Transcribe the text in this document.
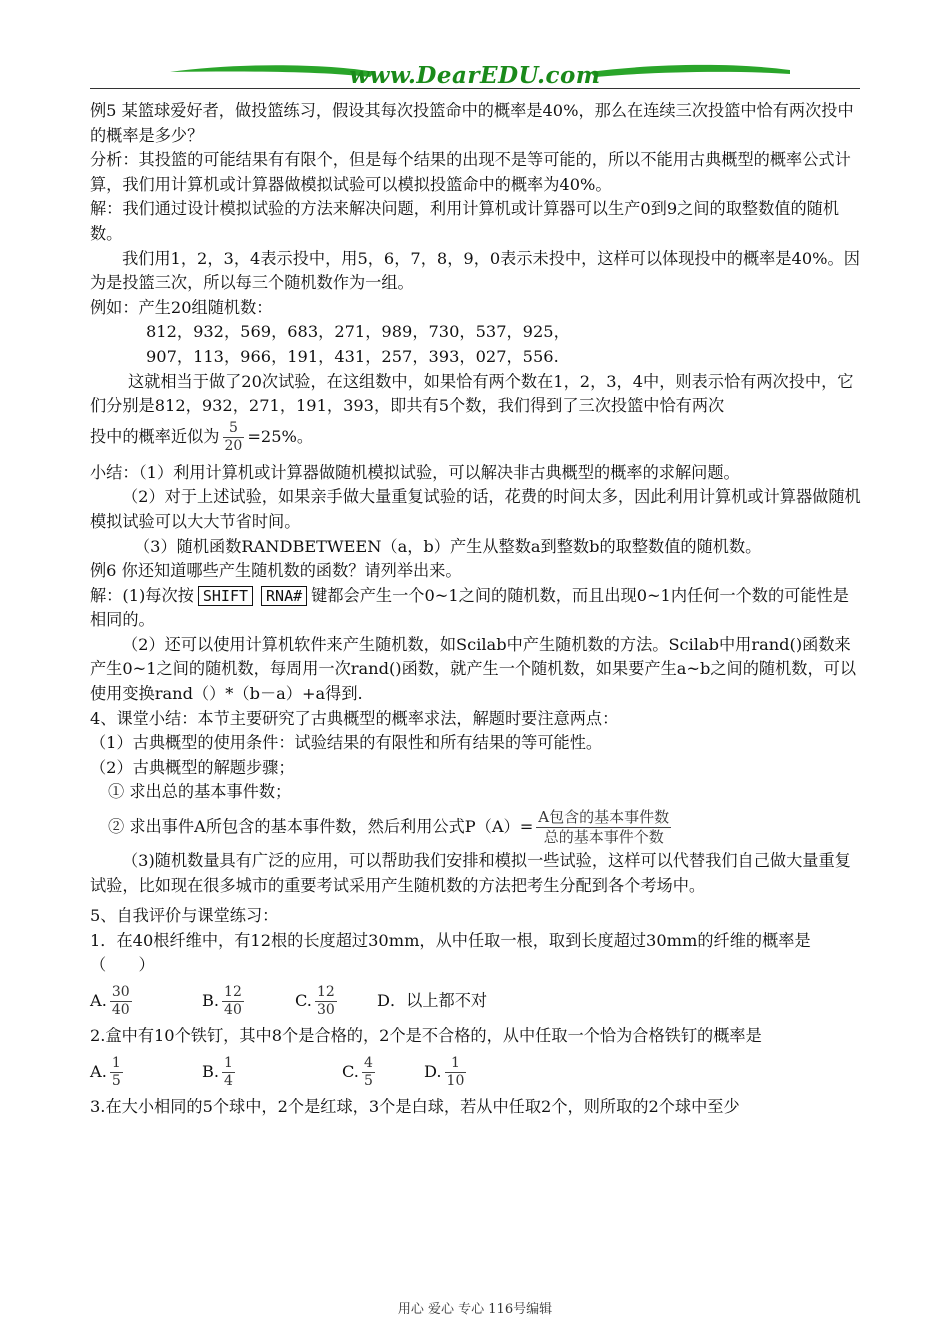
www.DearEDU.com

例5 某篮球爱好者，做投篮练习，假设其每次投篮命中的概率是40%，那么在连续三次投篮中恰有两次投中的概率是多少？

分析：其投篮的可能结果有有限个，但是每个结果的出现不是等可能的，所以不能用古典概型的概率公式计算，我们用计算机或计算器做模拟试验可以模拟投篮命中的概率为40%。

解：我们通过设计模拟试验的方法来解决问题，利用计算机或计算器可以生产0到9之间的取整数值的随机数。

我们用1，2，3，4表示投中，用5，6，7，8，9，0表示未投中，这样可以体现投中的概率是40%。因为是投篮三次，所以每三个随机数作为一组。

例如：产生20组随机数：

812，932，569，683，271，989，730，537，925，

907，113，966，191，431，257，393，027，556.

这就相当于做了20次试验，在这组数中，如果恰有两个数在1，2，3，4中，则表示恰有两次投中，它们分别是812，932，271，191，393，即共有5个数，我们得到了三次投篮中恰有两次

投中的概率近似为 $\frac{5}{20} =25\%$。

小结：（1）利用计算机或计算器做随机模拟试验，可以解决非古典概型的概率的求解问题。

（2）对于上述试验，如果亲手做大量重复试验的话，花费的时间太多，因此利用计算机或计算器做随机模拟试验可以大大节省时间。

（3）随机函数RANDBETWEEN（a，b）产生从整数a到整数b的取整数值的随机数。

例6 你还知道哪些产生随机数的函数？请列举出来。

解：(1)每次按 SHIFT RNA# 键都会产生一个0~1之间的随机数，而且出现0~1内任何一个数的可能性是相同的。

（2）还可以使用计算机软件来产生随机数，如Scilab中产生随机数的方法。Scilab中用rand()函数来产生0~1之间的随机数，每周用一次rand()函数，就产生一个随机数，如果要产生a~b之间的随机数，可以使用变换rand（）*（b－a）+a得到.

4、课堂小结：本节主要研究了古典概型的概率求法，解题时要注意两点：

（1）古典概型的使用条件：试验结果的有限性和所有结果的等可能性。

（2）古典概型的解题步骤；

① 求出总的基本事件数；

② 求出事件A所包含的基本事件数，然后利用公式$P(A)= \frac{\text{A包含的基本事件数}}{\text{总的基本事件个数}}$

（3)随机数量具有广泛的应用，可以帮助我们安排和模拟一些试验，这样可以代替我们自己做大量重复试验，比如现在很多城市的重要考试采用产生随机数的方法把考生分配到各个考场中。

5、自我评价与课堂练习：

1．在40根纤维中，有12根的长度超过30mm，从中任取一根，取到长度超过30mm的纤维的概率是（　　）

A. $\frac{30}{40}$	B. $\frac{12}{40}$	C. $\frac{12}{30}$ D．以上都不对

2.盒中有10个铁钉，其中8个是合格的，2个是不合格的，从中任取一个恰为合格铁钉的概率是

A. $\frac{1}{5}$	B. $\frac{1}{4}$	C. $\frac{4}{5}$	D. $\frac{1}{10}$

3.在大小相同的5个球中，2个是红球，3个是白球，若从中任取2个，则所取的2个球中至少

用心 爱心 专心 116号编辑
